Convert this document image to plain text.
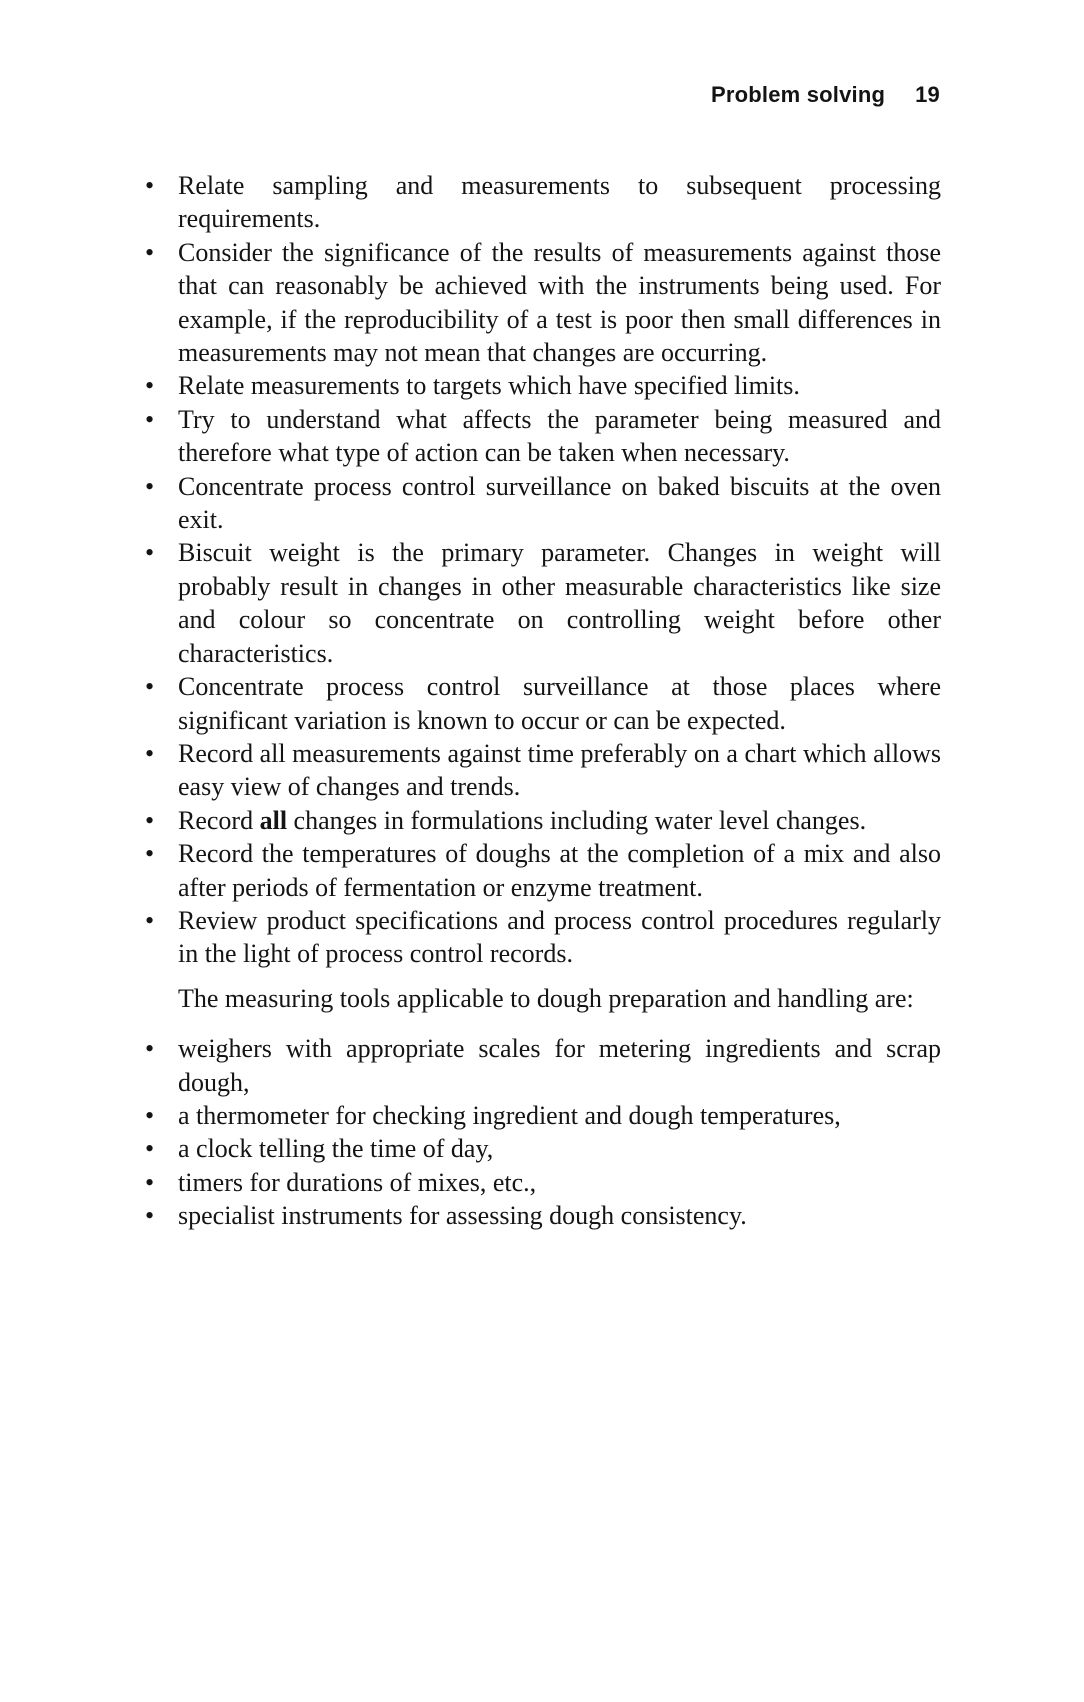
Problem solving 19
• Relate sampling and measurements to subsequent processing requirements.
• Consider the significance of the results of measurements against those that can reasonably be achieved with the instruments being used. For example, if the reproducibility of a test is poor then small differences in measurements may not mean that changes are occurring.
• Relate measurements to targets which have specified limits.
• Try to understand what affects the parameter being measured and therefore what type of action can be taken when necessary.
• Concentrate process control surveillance on baked biscuits at the oven exit.
• Biscuit weight is the primary parameter. Changes in weight will probably result in changes in other measurable characteristics like size and colour so concentrate on controlling weight before other characteristics.
• Concentrate process control surveillance at those places where significant variation is known to occur or can be expected.
• Record all measurements against time preferably on a chart which allows easy view of changes and trends.
• Record all changes in formulations including water level changes.
• Record the temperatures of doughs at the completion of a mix and also after periods of fermentation or enzyme treatment.
• Review product specifications and process control procedures regularly in the light of process control records.

The measuring tools applicable to dough preparation and handling are:

• weighers with appropriate scales for metering ingredients and scrap dough,
• a thermometer for checking ingredient and dough temperatures,
• a clock telling the time of day,
• timers for durations of mixes, etc.,
• specialist instruments for assessing dough consistency.
